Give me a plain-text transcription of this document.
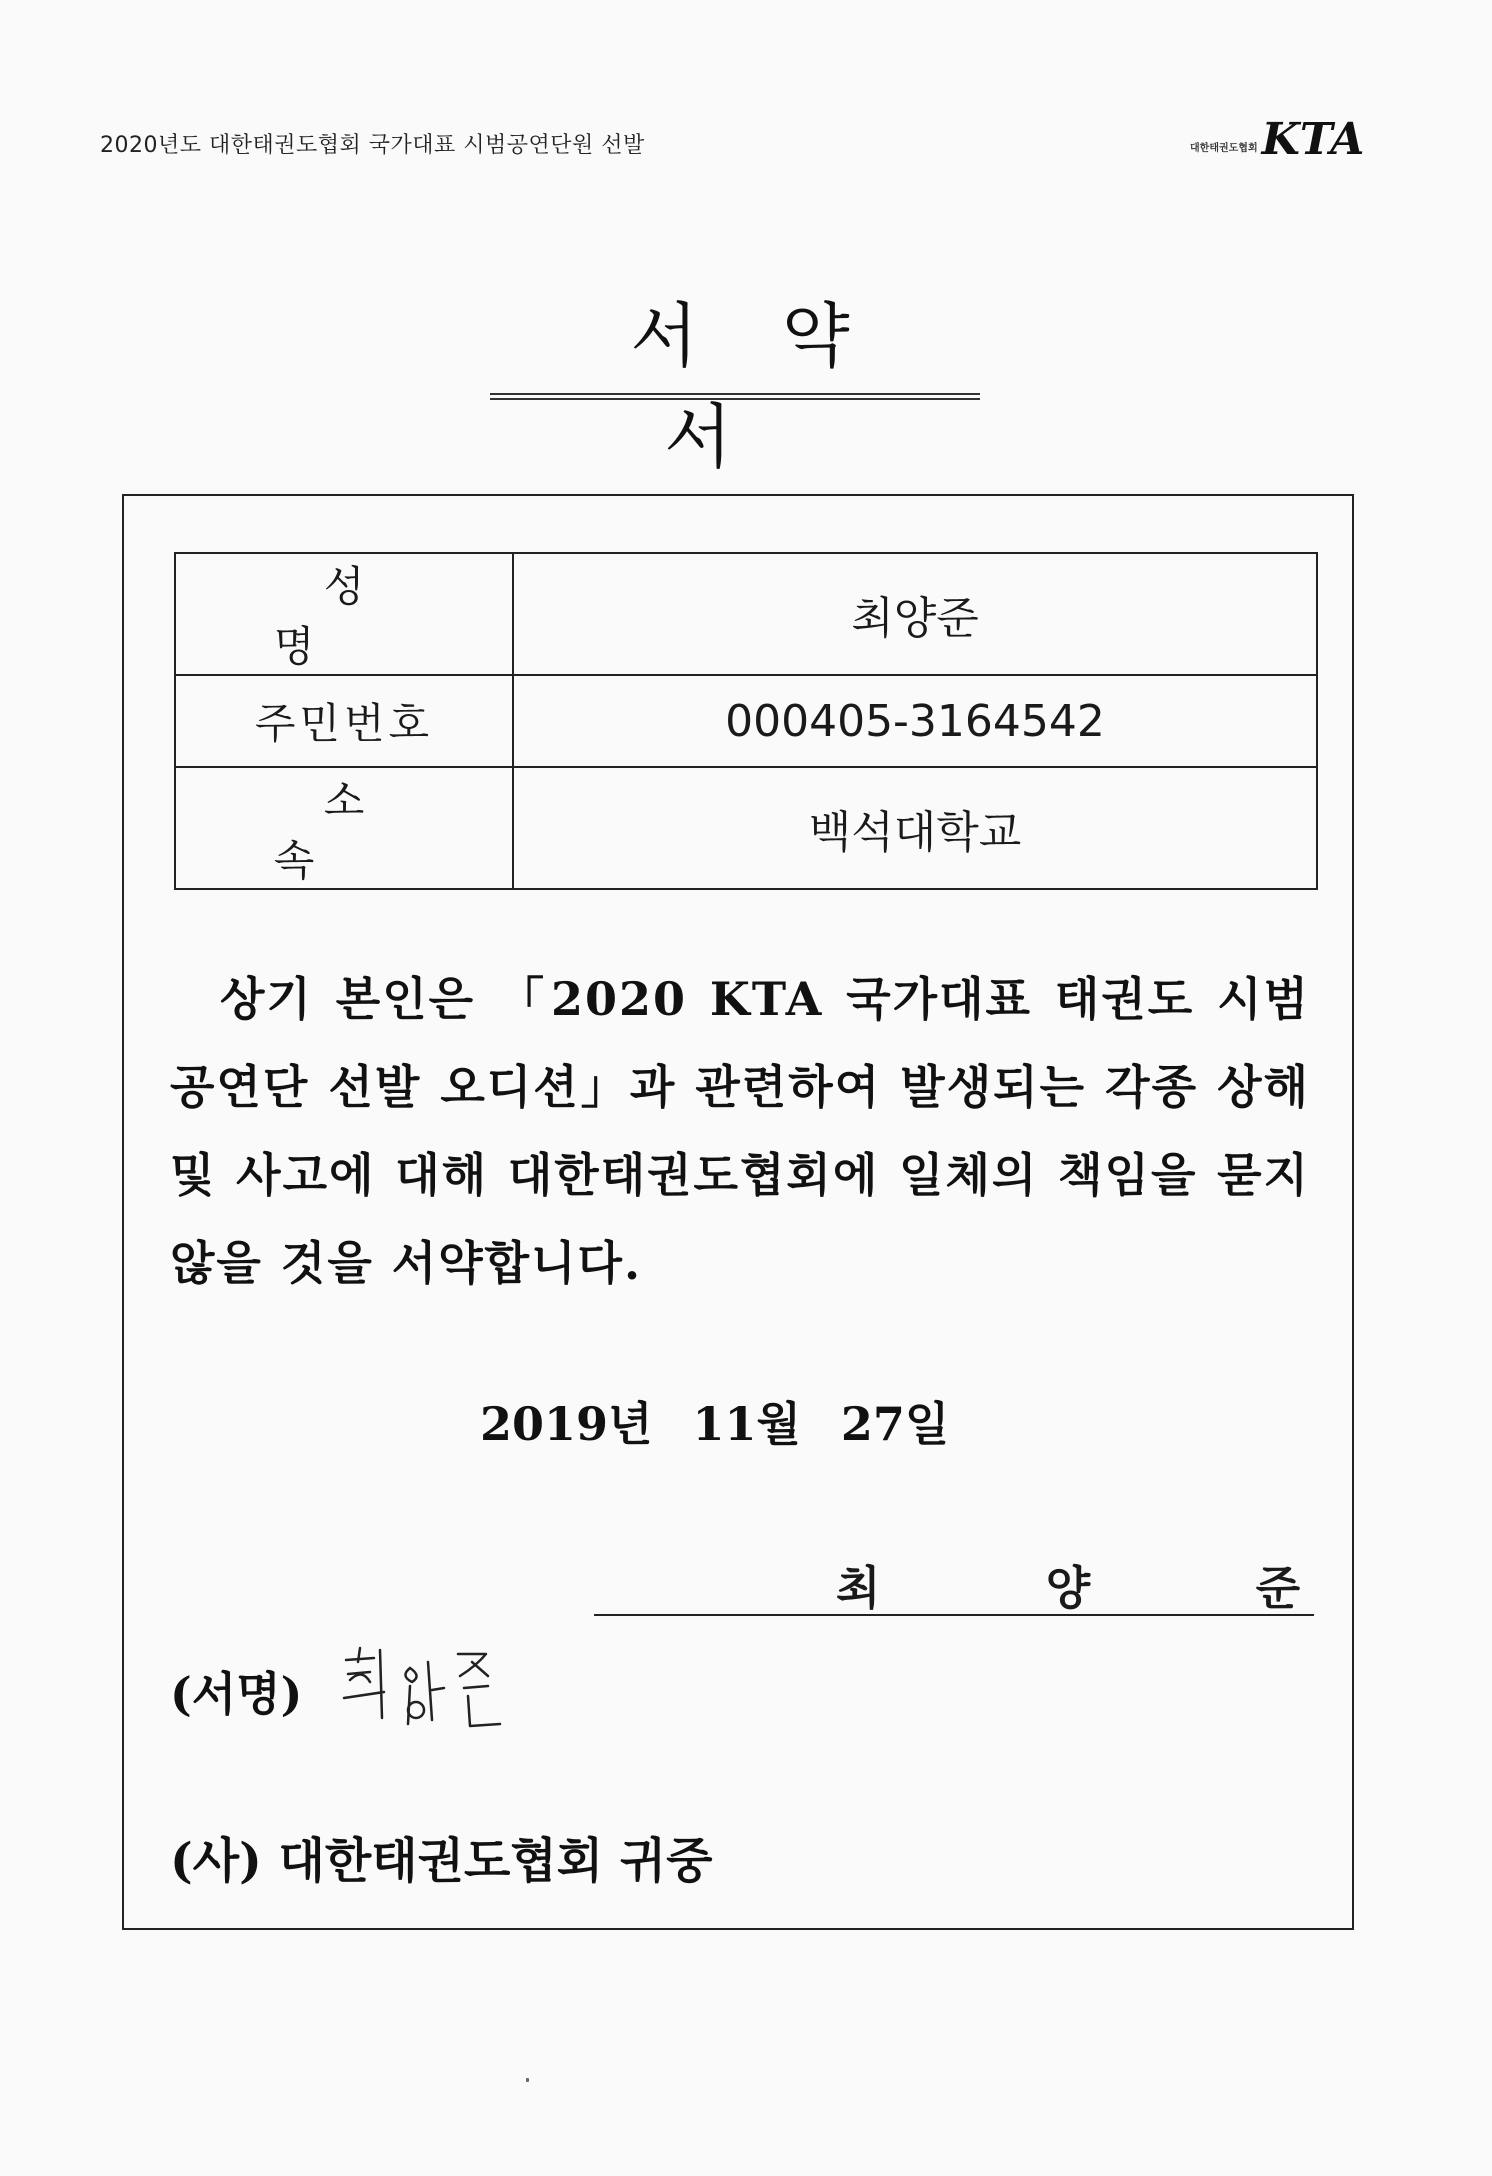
2020년도 대한태권도협회 국가대표 시범공연단원 선발	대한태권도협회 KTA
서약서
성명	최양준
주민번호	000405-3164542
소속	백석대학교

상기 본인은 「2020 KTA 국가대표 태권도 시범공연단 선발 오디션」과 관련하여 발생되는 각종 상해 및 사고에 대해 대한태권도협회에 일체의 책임을 묻지 않을 것을 서약합니다.

2019년 11월 27일
최	양	준
(서명)
(사) 대한태권도협회 귀중
